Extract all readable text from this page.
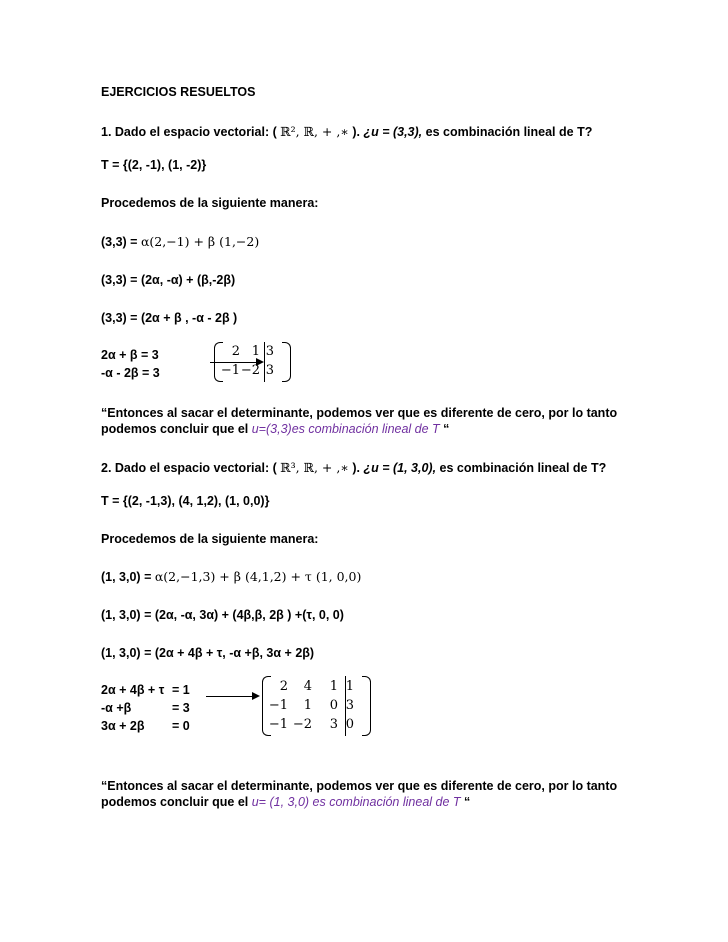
EJERCICIOS RESUELTOS
1. Dado el espacio vectorial: ( ℝ², ℝ, + ,∗ ). ¿u = (3,3), es combinación lineal de T?
T = {(2, -1), (1, -2)}
Procedemos de la siguiente manera:
(3,3) = α(2,−1) + β (1,−2)
(3,3) = (2α, -α) + (β,-2β)
(3,3) = (2α + β , -α - 2β )
2α + β = 3
-α - 2β = 3
2 1 3
−1 −2 3
“Entonces al sacar el determinante, podemos ver que es diferente de cero, por lo tanto
podemos concluir que el u=(3,3)es combinación lineal de T “
2. Dado el espacio vectorial: ( ℝ³, ℝ, + ,∗ ). ¿u = (1, 3,0), es combinación lineal de T?
T = {(2, -1,3), (4, 1,2), (1, 0,0)}
Procedemos de la siguiente manera:
(1, 3,0) = α(2,−1,3) + β (4,1,2) + τ (1, 0,0)
(1, 3,0) = (2α, -α, 3α) + (4β,β, 2β ) +(τ, 0, 0)
(1, 3,0) = (2α + 4β + τ, -α +β, 3α + 2β)
2α + 4β + τ = 1
-α +β	= 3
3α + 2β = 0
2	4	1 1
−1	1	0 3
−1 −2	3 0
“Entonces al sacar el determinante, podemos ver que es diferente de cero, por lo tanto
podemos concluir que el u= (1, 3,0) es combinación lineal de T “
